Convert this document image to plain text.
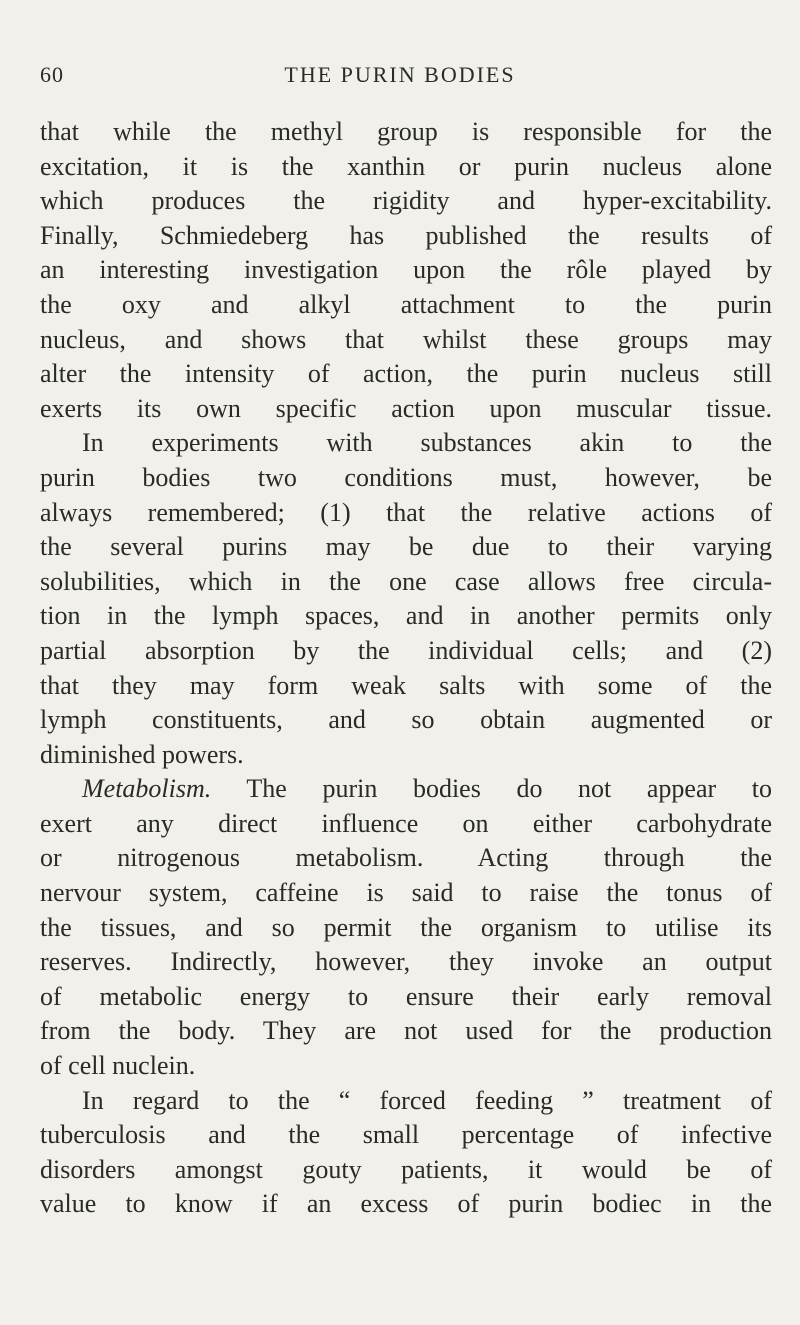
60	THE PURIN BODIES
that while the methyl group is responsible for the
excitation, it is the xanthin or purin nucleus alone
which produces the rigidity and hyper-excitability.
Finally, Schmiedeberg has published the results of
an interesting investigation upon the rôle played by
the oxy and alkyl attachment to the purin
nucleus, and shows that whilst these groups may
alter the intensity of action, the purin nucleus still
exerts its own specific action upon muscular tissue.
In experiments with substances akin to the
purin bodies two conditions must, however, be
always remembered; (1) that the relative actions of
the several purins may be due to their varying
solubilities, which in the one case allows free circula-
tion in the lymph spaces, and in another permits only
partial absorption by the individual cells; and (2)
that they may form weak salts with some of the
lymph constituents, and so obtain augmented or
diminished powers.
Metabolism. The purin bodies do not appear to
exert any direct influence on either carbohydrate
or nitrogenous metabolism. Acting through the
nervour system, caffeine is said to raise the tonus of
the tissues, and so permit the organism to utilise its
reserves. Indirectly, however, they invoke an output
of metabolic energy to ensure their early removal
from the body. They are not used for the production
of cell nuclein.
In regard to the “ forced feeding ” treatment of
tuberculosis and the small percentage of infective
disorders amongst gouty patients, it would be of
value to know if an excess of purin bodiec in the
